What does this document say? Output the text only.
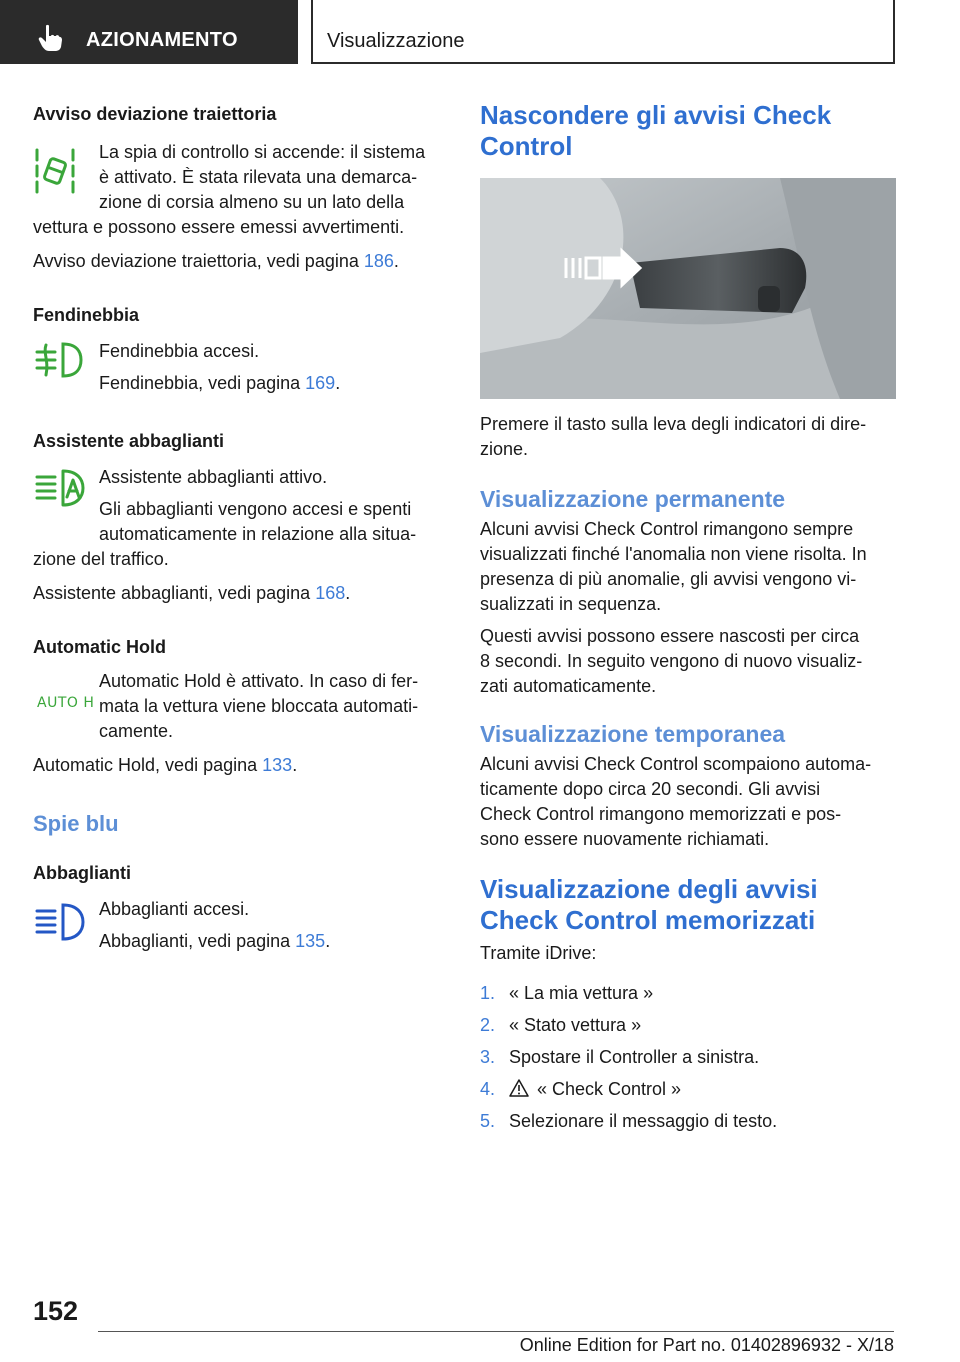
AZIONAMENTO	Visualizzazione
Avviso deviazione traiettoria
La spia di controllo si accende: il sistema
è attivato. È stata rilevata una demarca-
zione di corsia almeno su un lato della
vettura e possono essere emessi avvertimenti.
Avviso deviazione traiettoria, vedi pagina 186.
Fendinebbia
Fendinebbia accesi.
Fendinebbia, vedi pagina 169.
Assistente abbaglianti
Assistente abbaglianti attivo.
Gli abbaglianti vengono accesi e spenti
automaticamente in relazione alla situa-
zione del traffico.
Assistente abbaglianti, vedi pagina 168.
Automatic Hold
AUTO H
Automatic Hold è attivato. In caso di fer-
mata la vettura viene bloccata automati-
camente.
Automatic Hold, vedi pagina 133.
Spie blu
Abbaglianti
Abbaglianti accesi.
Abbaglianti, vedi pagina 135.
Nascondere gli avvisi Check
Control
Premere il tasto sulla leva degli indicatori di dire-
zione.
Visualizzazione permanente
Alcuni avvisi Check Control rimangono sempre
visualizzati finché l'anomalia non viene risolta. In
presenza di più anomalie, gli avvisi vengono vi-
sualizzati in sequenza.
Questi avvisi possono essere nascosti per circa
8 secondi. In seguito vengono di nuovo visualiz-
zati automaticamente.
Visualizzazione temporanea
Alcuni avvisi Check Control scompaiono automa-
ticamente dopo circa 20 secondi. Gli avvisi
Check Control rimangono memorizzati e pos-
sono essere nuovamente richiamati.
Visualizzazione degli avvisi
Check Control memorizzati
Tramite iDrive:
1. « La mia vettura »
2. « Stato vettura »
3. Spostare il Controller a sinistra.
4. « Check Control »
5. Selezionare il messaggio di testo.
152
Online Edition for Part no. 01402896932 - X/18
